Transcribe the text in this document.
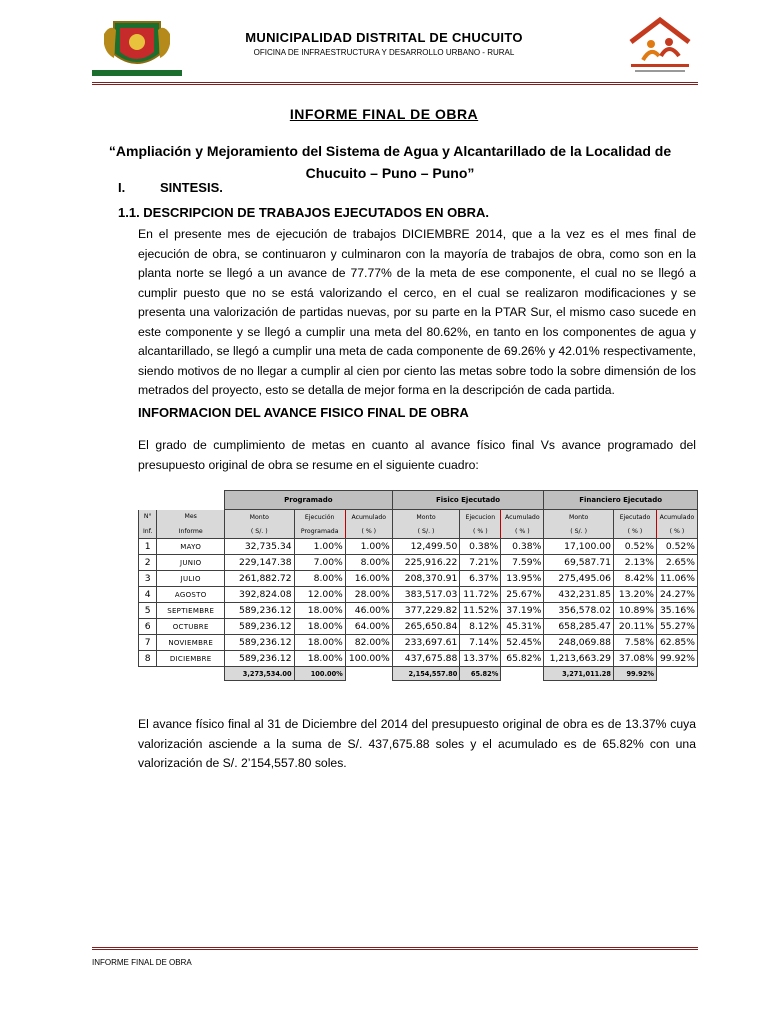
MUNICIPALIDAD DISTRITAL DE CHUCUITO
OFICINA DE INFRAESTRUCTURA Y DESARROLLO URBANO - RURAL
INFORME FINAL DE OBRA
“Ampliación y Mejoramiento del Sistema de Agua y Alcantarillado de la Localidad de Chucuito – Puno – Puno”
I.	SINTESIS.
1.1. DESCRIPCION DE TRABAJOS EJECUTADOS EN OBRA.
En el presente mes de ejecución de trabajos DICIEMBRE 2014, que a la vez es el mes final de ejecución de obra, se continuaron y culminaron con la mayoría de trabajos de obra, como son en la planta norte se llegó a un avance de 77.77% de la meta de ese componente, el cual no se llegó a cumplir puesto que no se está valorizando el cerco, en el cual se realizaron modificaciones y se presenta una valorización de partidas nuevas, por su parte en la PTAR Sur, el mismo caso sucede en este componente y se llegó a cumplir una meta del 80.62%, en tanto en los componentes de agua y alcantarillado, se llegó a cumplir una meta de cada componente de 69.26% y 42.01% respectivamente, siendo motivos de no llegar a cumplir al cien por ciento las metas sobre todo la sobre dimensión de los metrados del proyecto, esto se detalla de mejor forma en la descripción de cada partida.
INFORMACION DEL AVANCE FISICO FINAL DE OBRA
El grado de cumplimiento de metas en cuanto al avance físico final Vs avance programado del presupuesto original de obra se resume en el siguiente cuadro:
		Programado			Fisico Ejecutado			Financiero Ejecutado		
N°	Mes	Monto	Ejecución	Acumulado	Monto	Ejecucion	Acumulado	Monto	Ejecutado	Acumulado
Inf.	Informe	( S/. )	Programada	( % )	( S/. )	( % )	( % )	( S/. )	( % )	( % )
1	MAYO	32,735.34	1.00%	1.00%	12,499.50	0.38%	0.38%	17,100.00	0.52%	0.52%
2	JUNIO	229,147.38	7.00%	8.00%	225,916.22	7.21%	7.59%	69,587.71	2.13%	2.65%
3	JULIO	261,882.72	8.00%	16.00%	208,370.91	6.37%	13.95%	275,495.06	8.42%	11.06%
4	AGOSTO	392,824.08	12.00%	28.00%	383,517.03	11.72%	25.67%	432,231.85	13.20%	24.27%
5	SEPTIEMBRE	589,236.12	18.00%	46.00%	377,229.82	11.52%	37.19%	356,578.02	10.89%	35.16%
6	OCTUBRE	589,236.12	18.00%	64.00%	265,650.84	8.12%	45.31%	658,285.47	20.11%	55.27%
7	NOVIEMBRE	589,236.12	18.00%	82.00%	233,697.61	7.14%	52.45%	248,069.88	7.58%	62.85%
8	DICIEMBRE	589,236.12	18.00%	100.00%	437,675.88	13.37%	65.82%	1,213,663.29	37.08%	99.92%
		3,273,534.00	100.00%		2,154,557.80	65.82%		3,271,011.28	99.92%	
El avance físico final al 31 de Diciembre del 2014 del presupuesto original de obra es de 13.37% cuya valorización asciende a la suma de S/. 437,675.88 soles y el acumulado es de 65.82% con una valorización de S/. 2’154,557.80 soles.
INFORME FINAL DE OBRA
